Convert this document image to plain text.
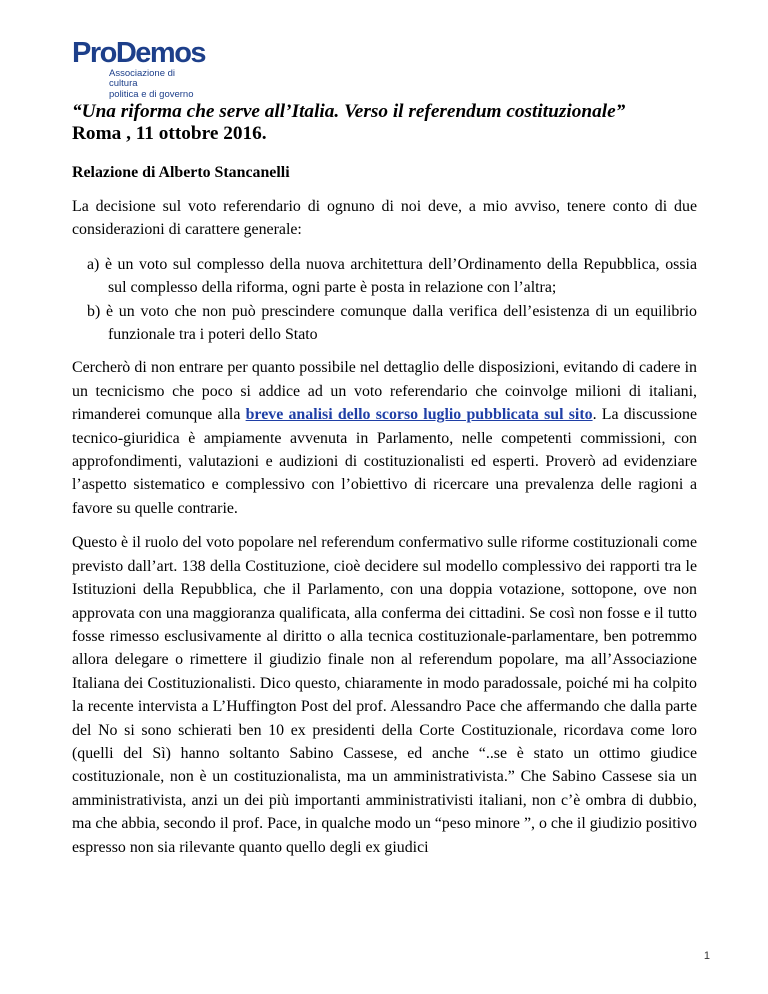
ProDemos
Associazione di cultura
politica e di governo
“Una riforma che serve all’Italia. Verso il referendum costituzionale”
Roma , 11 ottobre 2016.
Relazione di Alberto Stancanelli

La decisione sul voto referendario di ognuno di noi deve, a mio avviso, tenere conto di due considerazioni di carattere generale:

a) è un voto sul complesso della nuova architettura dell’Ordinamento della Repubblica, ossia sul complesso della riforma, ogni parte è posta in relazione con l’altra;
b) è un voto che non può prescindere comunque dalla verifica dell’esistenza di un equilibrio funzionale tra i poteri dello Stato

Cercherò di non entrare per quanto possibile nel dettaglio delle disposizioni, evitando di cadere in un tecnicismo che poco si addice ad un voto referendario che coinvolge milioni di italiani, rimanderei comunque alla breve analisi dello scorso luglio pubblicata sul sito. La discussione tecnico-giuridica è ampiamente avvenuta in Parlamento, nelle competenti commissioni, con approfondimenti, valutazioni e audizioni di costituzionalisti ed esperti. Proverò ad evidenziare l’aspetto sistematico e complessivo con l’obiettivo di ricercare una prevalenza delle ragioni a favore su quelle contrarie.

Questo è il ruolo del voto popolare nel referendum confermativo sulle riforme costituzionali come previsto dall’art. 138 della Costituzione, cioè decidere sul modello complessivo dei rapporti tra le Istituzioni della Repubblica, che il Parlamento, con una doppia votazione, sottopone, ove non approvata con una maggioranza qualificata, alla conferma dei cittadini. Se così non fosse e il tutto fosse rimesso esclusivamente al diritto o alla tecnica costituzionale-parlamentare, ben potremmo allora delegare o rimettere il giudizio finale non al referendum popolare, ma all’Associazione Italiana dei Costituzionalisti. Dico questo, chiaramente in modo paradossale, poiché mi ha colpito la recente intervista a L’Huffington Post del prof. Alessandro Pace che affermando che dalla parte del No si sono schierati ben 10 ex presidenti della Corte Costituzionale, ricordava come loro (quelli del Sì) hanno soltanto Sabino Cassese, ed anche “..se è stato un ottimo giudice costituzionale, non è un costituzionalista, ma un amministrativista.” Che Sabino Cassese sia un amministrativista, anzi un dei più importanti amministrativisti italiani, non c’è ombra di dubbio, ma che abbia, secondo il prof. Pace, in qualche modo un “peso minore ”, o che il giudizio positivo espresso non sia rilevante quanto quello degli ex giudici

1
